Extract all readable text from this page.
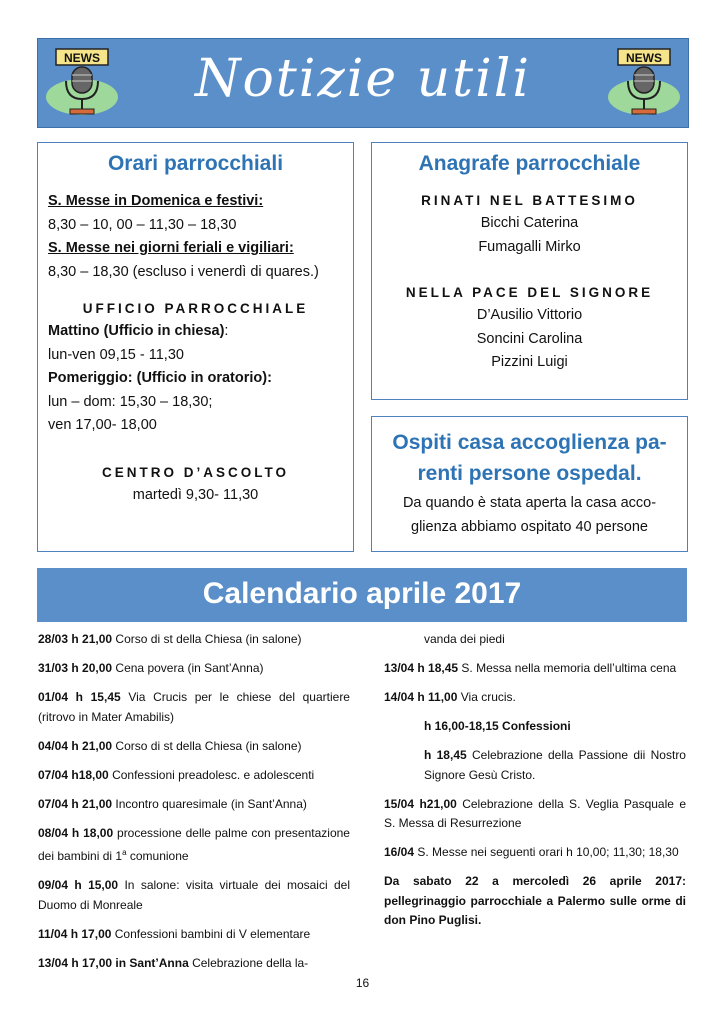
NEWS	Notizie utili	NEWS
Orari parrocchiali
S. Messe in Domenica e festivi:
8,30 – 10, 00 – 11,30 – 18,30
S. Messe nei giorni feriali e vigiliari:
8,30 – 18,30 (escluso i venerdì di quares.)
UFFICIO PARROCCHIALE
Mattino (Ufficio in chiesa):
lun-ven 09,15 - 11,30
Pomeriggio: (Ufficio in oratorio):
lun – dom: 15,30 – 18,30;
ven 17,00- 18,00
CENTRO D’ASCOLTO
martedì 9,30- 11,30
Anagrafe parrocchiale
RINATI NEL BATTESIMO
Bicchi Caterina
Fumagalli Mirko
NELLA PACE DEL SIGNORE
D’Ausilio Vittorio
Soncini Carolina
Pizzini Luigi
Ospiti casa accoglienza pa-
renti persone ospedal.
Da quando è stata aperta la casa acco-
glienza abbiamo ospitato 40 persone
Calendario aprile 2017
28/03 h 21,00 Corso di st della Chiesa (in salone)
31/03 h 20,00 Cena povera (in Sant’Anna)
01/04 h 15,45 Via Crucis per le chiese del quartiere (ritrovo in Mater Amabilis)
04/04 h 21,00 Corso di st della Chiesa (in salone)
07/04 h18,00 Confessioni preadolesc. e adolescenti
07/04 h 21,00 Incontro quaresimale (in Sant’Anna)
08/04 h 18,00 processione delle palme con presentazione dei bambini di 1$^a$ comunione
09/04 h 15,00 In salone: visita virtuale dei mosaici del Duomo di Monreale
11/04 h 17,00 Confessioni bambini di V elementare
13/04 h 17,00 in Sant’Anna Celebrazione della la-
vanda dei piedi
13/04 h 18,45 S. Messa nella memoria dell’ultima cena
14/04 h 11,00 Via crucis.
h 16,00-18,15 Confessioni
h 18,45 Celebrazione della Passione dii Nostro Signore Gesù Cristo.
15/04 h21,00 Celebrazione della S. Veglia Pasquale e S. Messa di Resurrezione
16/04 S. Messe nei seguenti orari h 10,00; 11,30; 18,30
Da sabato 22 a mercoledì 26 aprile 2017: pellegrinaggio parrocchiale a Palermo sulle orme di don Pino Puglisi.
16
